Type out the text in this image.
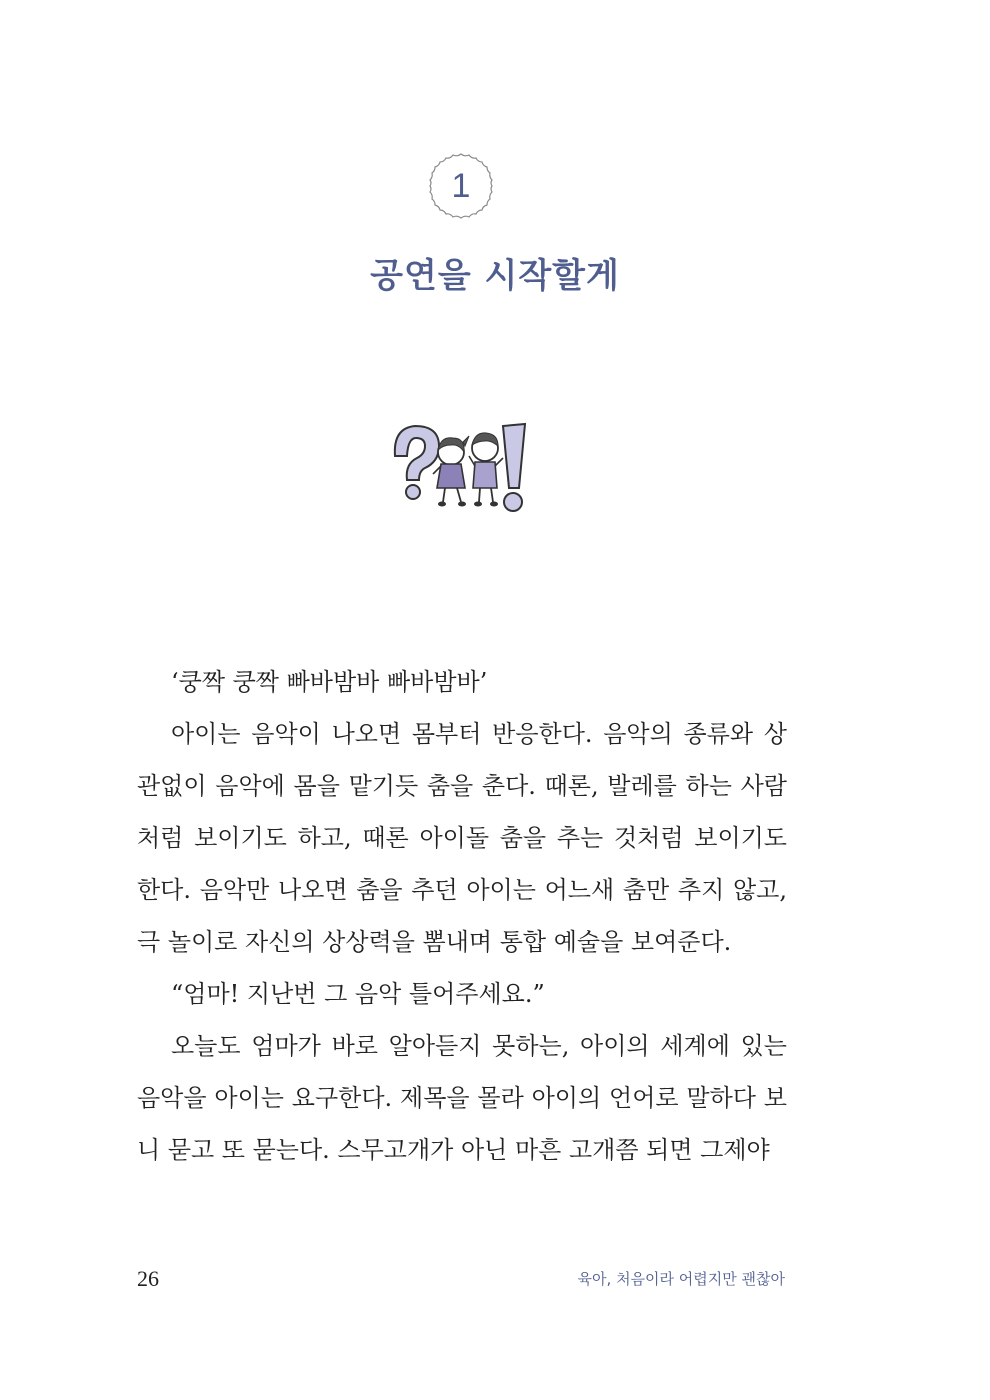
1
공연을 시작할게

‘쿵짝 쿵짝 빠바밤바 빠바밤바’

아이는 음악이 나오면 몸부터 반응한다. 음악의 종류와 상관없이 음악에 몸을 맡기듯 춤을 춘다. 때론, 발레를 하는 사람처럼 보이기도 하고, 때론 아이돌 춤을 추는 것처럼 보이기도 한다. 음악만 나오면 춤을 추던 아이는 어느새 춤만 추지 않고, 극 놀이로 자신의 상상력을 뽐내며 통합 예술을 보여준다.

“엄마! 지난번 그 음악 틀어주세요.”

오늘도 엄마가 바로 알아듣지 못하는, 아이의 세계에 있는 음악을 아이는 요구한다. 제목을 몰라 아이의 언어로 말하다 보니 묻고 또 묻는다. 스무고개가 아닌 마흔 고개쯤 되면 그제야

26	육아, 처음이라 어렵지만 괜찮아
